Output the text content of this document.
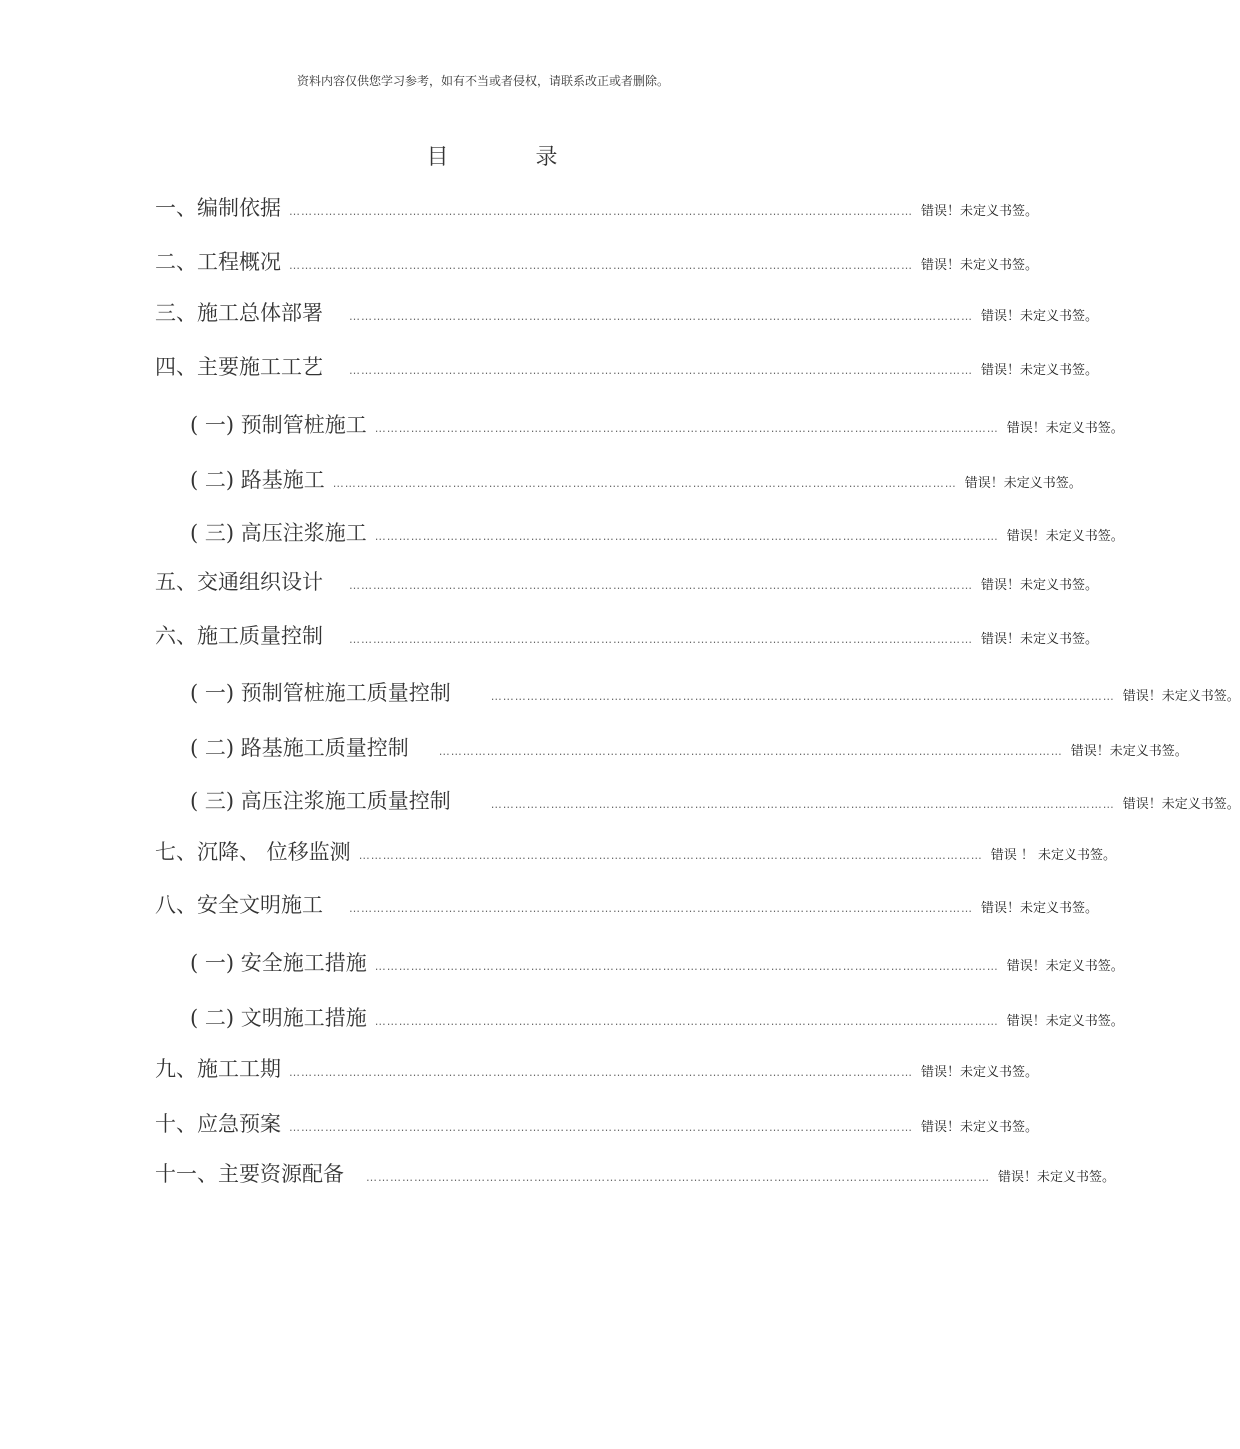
资料内容仅供您学习参考，如有不当或者侵权，请联系改正或者删除。
目 录
一、 编制依据 ………………………………………………………………………………………………………………………………………… 错误！未定义书签。
二、 工程概况 ………………………………………………………………………………………………………………………………………… 错误！未定义书签。
三、 施工总体部署 ………………………………………………………………………………………………………………………………………… 错误！未定义书签。
四、 主要施工工艺 ………………………………………………………………………………………………………………………………………… 错误！未定义书签。
( 一) 预制管桩施工 ………………………………………………………………………………………………………………………………………… 错误！未定义书签。
( 二) 路基施工 ………………………………………………………………………………………………………………………………………… 错误！未定义书签。
( 三) 高压注浆施工 ………………………………………………………………………………………………………………………………………… 错误！未定义书签。
五、 交通组织设计 ………………………………………………………………………………………………………………………………………… 错误！未定义书签。
六、 施工质量控制 ………………………………………………………………………………………………………………………………………… 错误！未定义书签。
( 一) 预制管桩施工质量控制	………………………………………………………………………………………………………………………………………… 错误！未定义书签。
( 二) 路基施工质量控制	………………………………………………………………………………………………………………………………………… 错误！未定义书签。
( 三) 高压注浆施工质量控制	………………………………………………………………………………………………………………………………………… 错误！未定义书签。
七、 沉降、 位移监测 ………………………………………………………………………………………………………………………………………… 错误 ！ 未定义书签。
八、 安全文明施工 ………………………………………………………………………………………………………………………………………… 错误！未定义书签。
( 一) 安全施工措施 ………………………………………………………………………………………………………………………………………… 错误！未定义书签。
( 二) 文明施工措施 ………………………………………………………………………………………………………………………………………… 错误！未定义书签。
九、 施工工期 ………………………………………………………………………………………………………………………………………… 错误！未定义书签。
十、 应急预案 ………………………………………………………………………………………………………………………………………… 错误！未定义书签。
十一、 主要资源配备 ………………………………………………………………………………………………………………………………………… 错误！未定义书签。
